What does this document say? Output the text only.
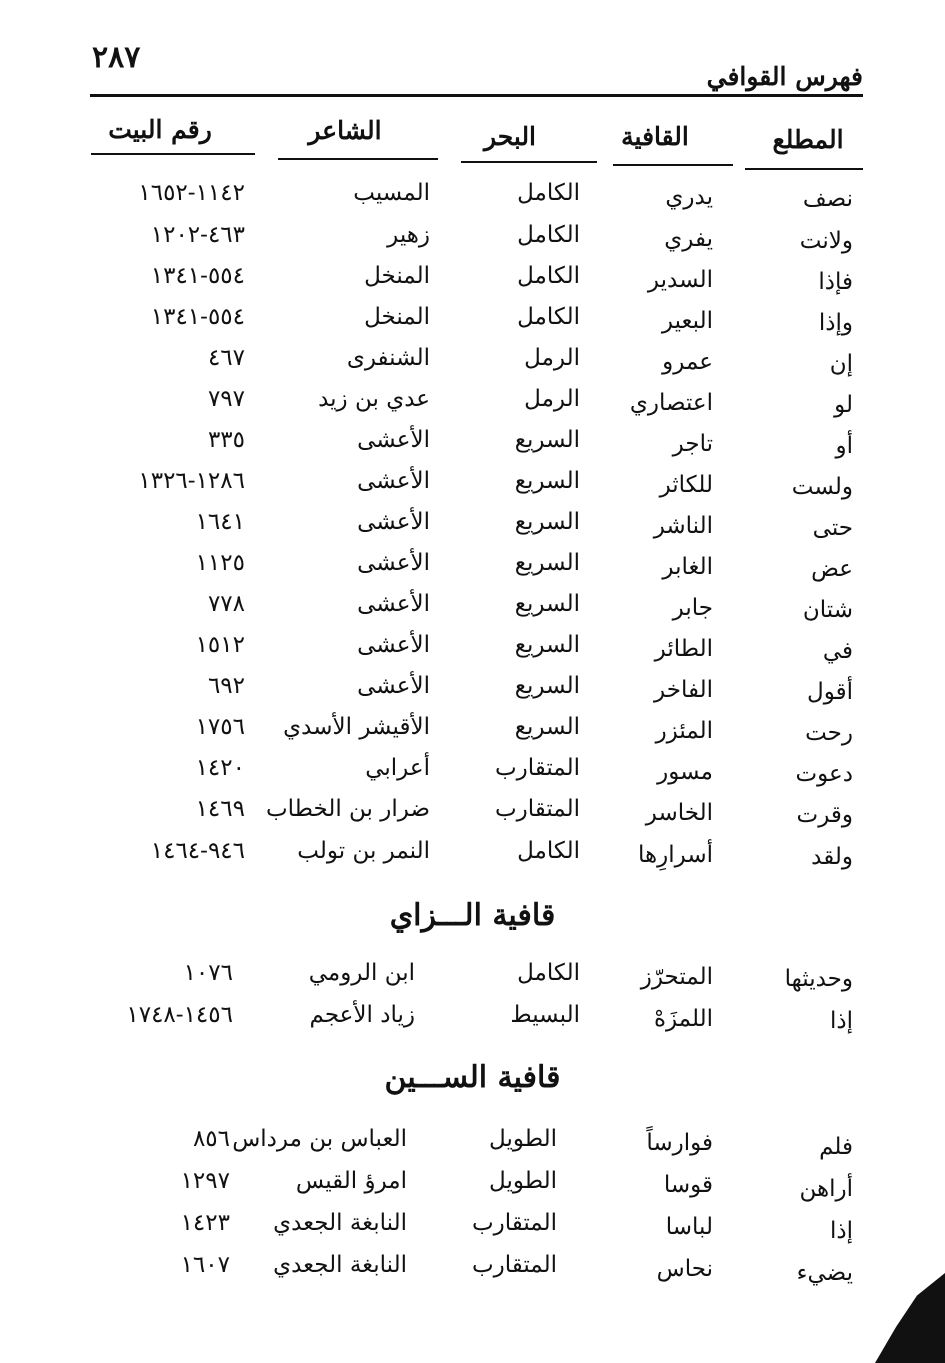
٢٨٧
فهرس القوافي
المطلع
القافية
البحر
الشاعر
رقم البيت
نصف
يدري
الكامل
المسيب
١١٤٢-١٦٥٢
ولانت
يفري
الكامل
زهير
٤٦٣-١٢٠٢
فإذا
السدير
الكامل
المنخل
٥٥٤-١٣٤١
وإذا
البعير
الكامل
المنخل
٥٥٤-١٣٤١
إن
عمرو
الرمل
الشنفرى
٤٦٧
لو
اعتصاري
الرمل
عدي بن زيد
٧٩٧
أو
تاجر
السريع
الأعشى
٣٣٥
ولست
للكاثر
السريع
الأعشى
١٢٨٦-١٣٢٦
حتى
الناشر
السريع
الأعشى
١٦٤١
عض
الغابر
السريع
الأعشى
١١٢٥
شتان
جابر
السريع
الأعشى
٧٧٨
في
الطائر
السريع
الأعشى
١٥١٢
أقول
الفاخر
السريع
الأعشى
٦٩٢
رحت
المئزر
السريع
الأقيشر الأسدي
١٧٥٦
دعوت
مسور
المتقارب
أعرابي
١٤٢٠
وقرت
الخاسر
المتقارب
ضرار بن الخطاب
١٤٦٩
ولقد
أسرارِها
الكامل
النمر بن تولب
٩٤٦-١٤٦٤
قافية الـــزاي
وحديثها
المتحرّز
الكامل
ابن الرومي
١٠٧٦
إذا
اللمزَهْ
البسيط
زياد الأعجم
١٤٥٦-١٧٤٨
قافية الســـين
فلم
فوارساً
الطويل
العباس بن مرداس
٨٥٦
أراهن
قوسا
الطويل
امرؤ القيس
١٢٩٧
إذا
لباسا
المتقارب
النابغة الجعدي
١٤٢٣
يضيء
نحاس
المتقارب
النابغة الجعدي
١٦٠٧
